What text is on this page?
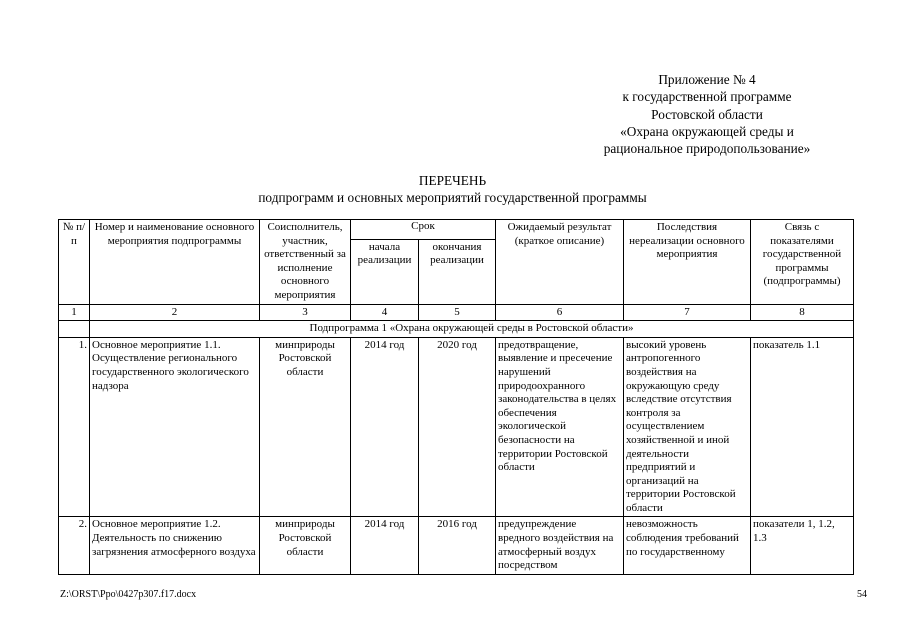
Приложение № 4
к государственной программе
Ростовской области
«Охрана окружающей среды и
рациональное природопользование»
ПЕРЕЧЕНЬ
подпрограмм и основных мероприятий государственной программы
№ п/п	Номер и наименование основного мероприятия подпрограммы	Соисполнитель, участник, ответственный за исполнение основного мероприятия	Срок		Ожидаемый результат (краткое описание)	Последствия нереализации основного мероприятия	Связь с показателями государственной программы (подпрограммы)
			начала реализации	окончания реализации			
1	2	3	4	5	6	7	8
	Подпрограмма 1 «Охрана окружающей среды в Ростовской области»						
1.	Основное мероприятие 1.1. Осуществление регионального государственного экологического надзора	минприроды Ростовской области	2014 год	2020 год	предотвращение, выявление и пресечение нарушений природоохранного законодательства в целях обеспечения экологической безопасности на территории Ростовской области	высокий уровень антропогенного воздействия на окружающую среду вследствие отсутствия контроля за осуществлением хозяйственной и иной деятельности предприятий и организаций на территории Ростовской области	показатель 1.1
2.	Основное мероприятие 1.2. Деятельность по снижению загрязнения атмосферного воздуха	минприроды Ростовской области	2014 год	2016 год	предупреждение вредного воздействия на атмосферный воздух посредством	невозможность соблюдения требований по государственному	показатели 1, 1.2, 1.3
Z:\ORST\Ppo\0427p307.f17.docx	54
